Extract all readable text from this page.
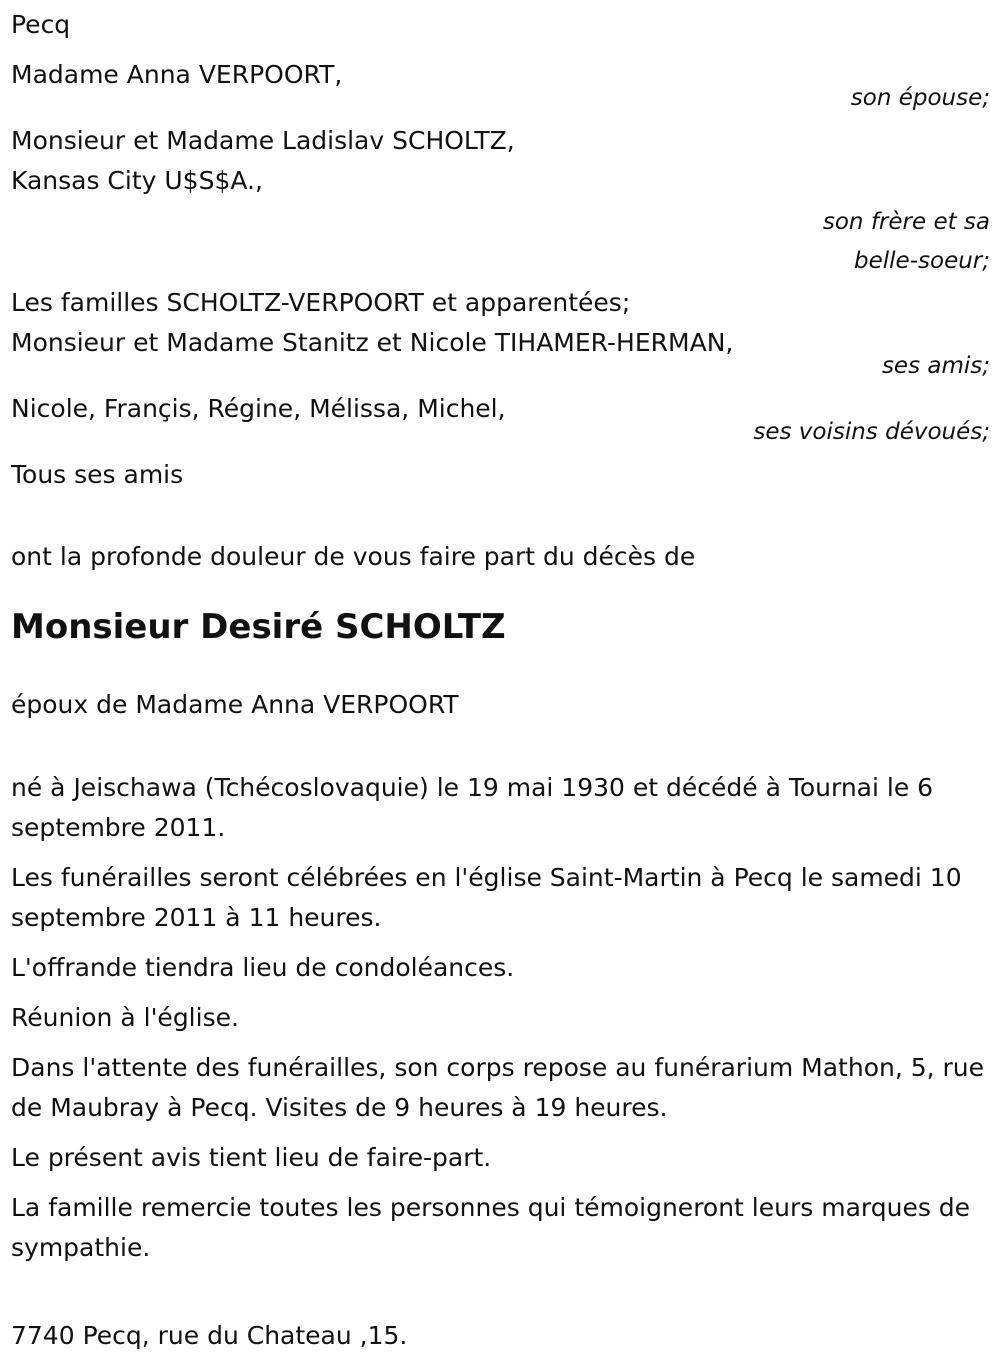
Pecq
Madame Anna VERPOORT,
son épouse;
Monsieur et Madame Ladislav SCHOLTZ,
Kansas City U$S$A.,
son frère et sa
belle-soeur;
Les familles SCHOLTZ-VERPOORT et apparentées;
Monsieur et Madame Stanitz et Nicole TIHAMER-HERMAN,
ses amis;
Nicole, Françis, Régine, Mélissa, Michel,
ses voisins dévoués;
Tous ses amis
ont la profonde douleur de vous faire part du décès de
Monsieur Desiré SCHOLTZ
époux de Madame Anna VERPOORT
né à Jeischawa (Tchécoslovaquie) le 19 mai 1930 et décédé à Tournai le 6 septembre 2011.
Les funérailles seront célébrées en l'église Saint-Martin à Pecq le samedi 10 septembre 2011 à 11 heures.
L'offrande tiendra lieu de condoléances.
Réunion à l'église.
Dans l'attente des funérailles, son corps repose au funérarium Mathon, 5, rue de Maubray à Pecq. Visites de 9 heures à 19 heures.
Le présent avis tient lieu de faire-part.
La famille remercie toutes les personnes qui témoigneront leurs marques de sympathie.
7740 Pecq, rue du Chateau ,15.
